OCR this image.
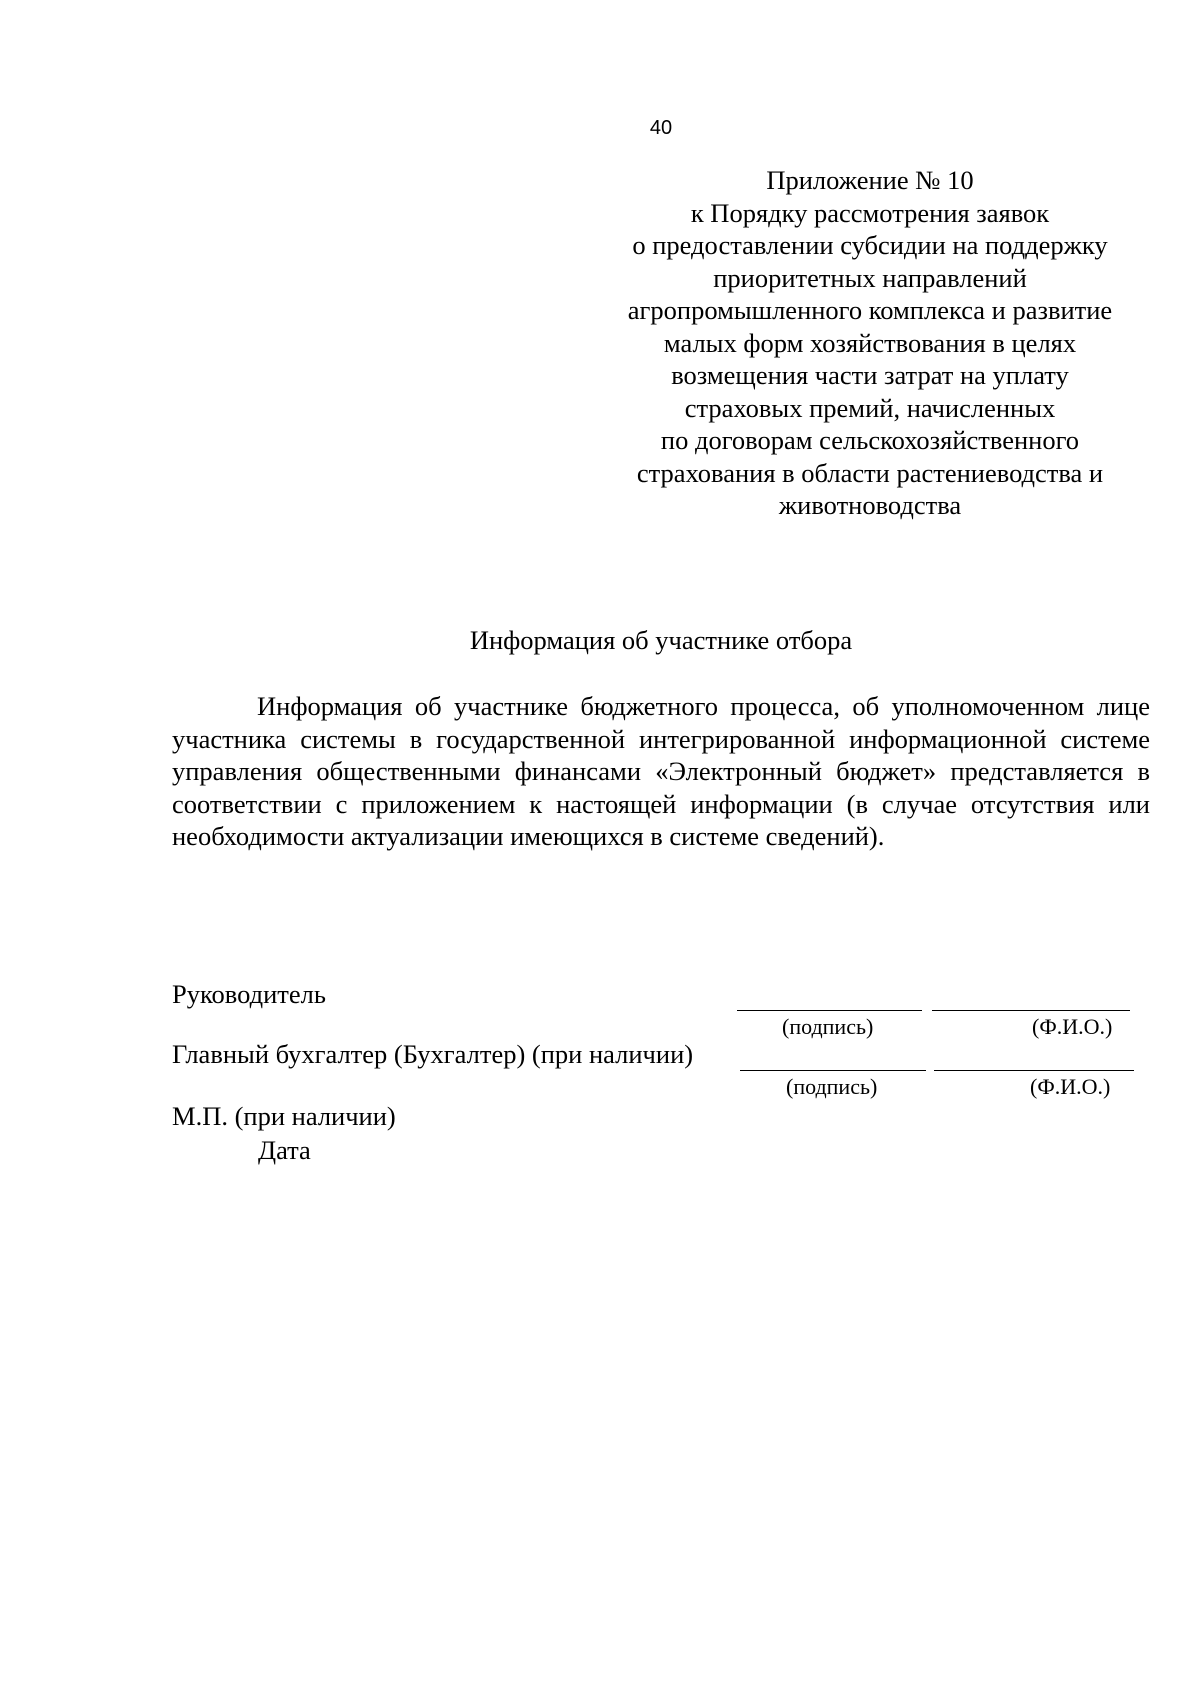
40
Приложение № 10
к Порядку рассмотрения заявок
о предоставлении субсидии на поддержку
приоритетных направлений
агропромышленного комплекса и развитие
малых форм хозяйствования в целях
возмещения части затрат на уплату
страховых премий, начисленных
по договорам сельскохозяйственного
страхования в области растениеводства и
животноводства
Информация об участнике отбора

Информация об участнике бюджетного процесса, об уполномоченном лице участника системы в государственной интегрированной информационной системе управления общественными финансами «Электронный бюджет» представляется в соответствии с приложением к настоящей информации (в случае отсутствия или необходимости актуализации имеющихся в системе сведений).

Руководитель
(подпись)	(Ф.И.О.)
Главный бухгалтер (Бухгалтер) (при наличии)
(подпись)	(Ф.И.О.)
М.П. (при наличии)
Дата
